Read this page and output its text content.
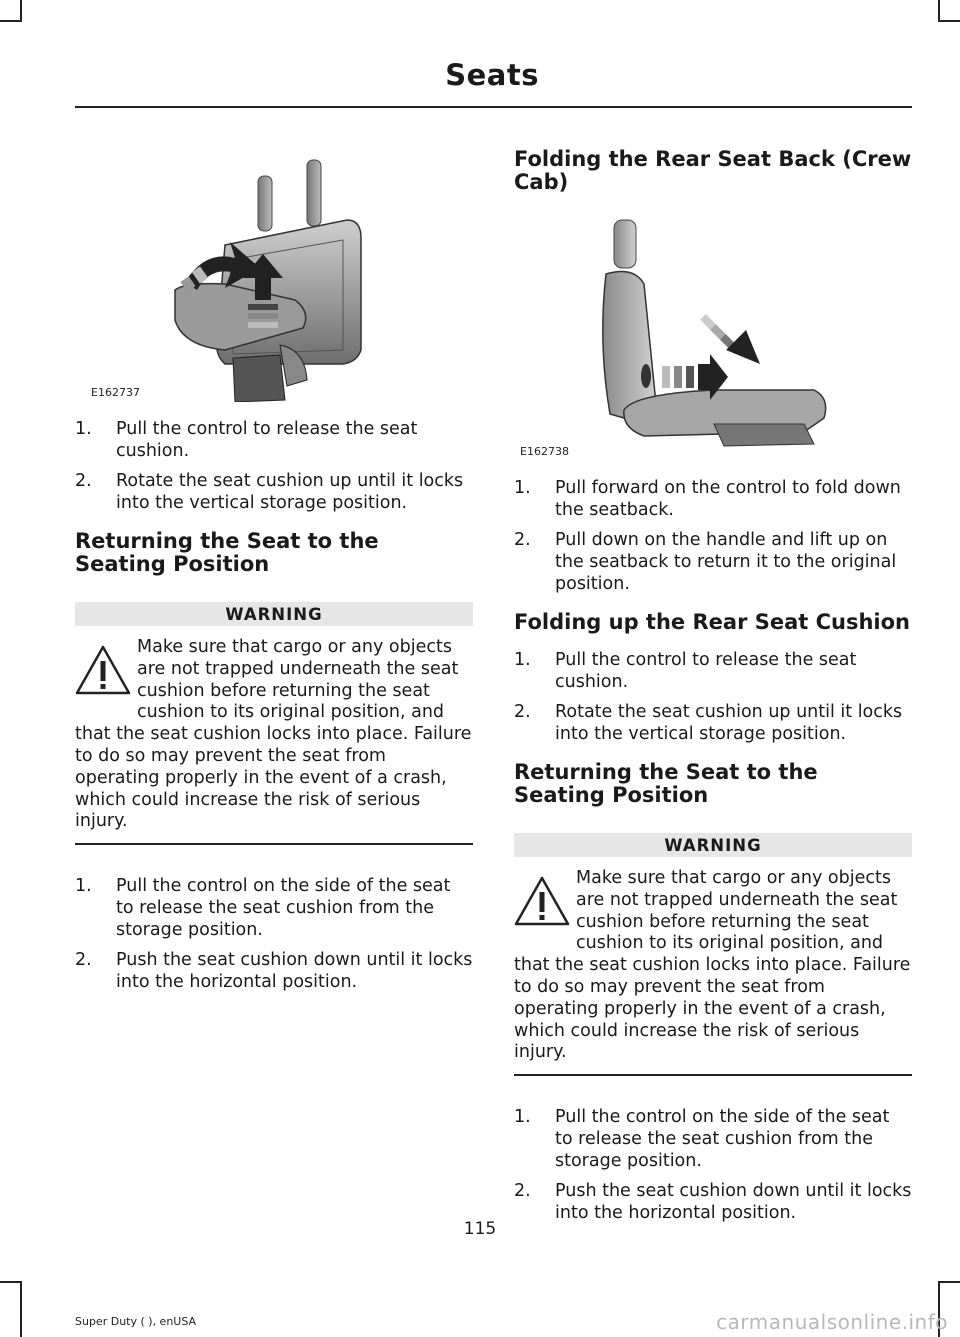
Seats
E162737
1. Pull the control to release the seat cushion.
2. Rotate the seat cushion up until it locks into the vertical storage position.
Returning the Seat to the Seating Position
WARNING
Make sure that cargo or any objects are not trapped underneath the seat cushion before returning the seat cushion to its original position, and that the seat cushion locks into place. Failure to do so may prevent the seat from operating properly in the event of a crash, which could increase the risk of serious injury.
1. Pull the control on the side of the seat to release the seat cushion from the storage position.
2. Push the seat cushion down until it locks into the horizontal position.
Folding the Rear Seat Back (Crew Cab)
E162738
1. Pull forward on the control to fold down the seatback.
2. Pull down on the handle and lift up on the seatback to return it to the original position.
Folding up the Rear Seat Cushion
1. Pull the control to release the seat cushion.
2. Rotate the seat cushion up until it locks into the vertical storage position.
Returning the Seat to the Seating Position
WARNING
Make sure that cargo or any objects are not trapped underneath the seat cushion before returning the seat cushion to its original position, and that the seat cushion locks into place. Failure to do so may prevent the seat from operating properly in the event of a crash, which could increase the risk of serious injury.
1. Pull the control on the side of the seat to release the seat cushion from the storage position.
2. Push the seat cushion down until it locks into the horizontal position.
115
Super Duty ( ), enUSA	carmanualsonline.info
